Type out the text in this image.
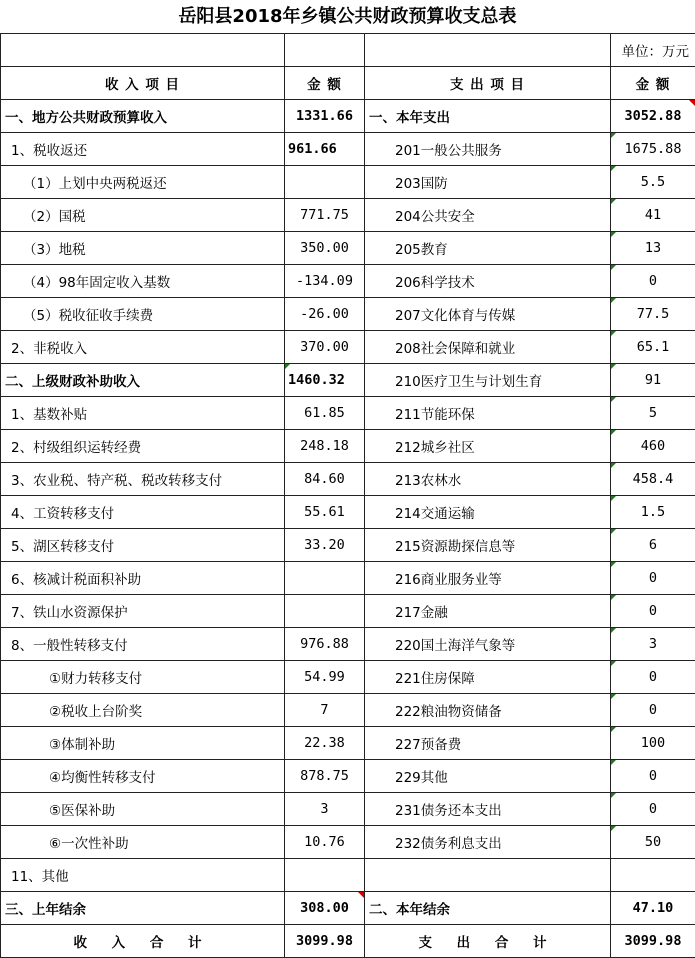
岳阳县2018年乡镇公共财政预算收支总表
			单位：万元
收 入 项 目	金 额	支 出 项 目	金 额
一、地方公共财政预算收入	1331.66	一、本年支出	3052.88
1、税收返还	961.66	201一般公共服务	1675.88
（1）上划中央两税返还		203国防	5.5
（2）国税	771.75	204公共安全	41
（3）地税	350.00	205教育	13
（4）98年固定收入基数	-134.09	206科学技术	0
（5）税收征收手续费	-26.00	207文化体育与传媒	77.5
2、非税收入	370.00	208社会保障和就业	65.1
二、上级财政补助收入	1460.32	210医疗卫生与计划生育	91
1、基数补贴	61.85	211节能环保	5
2、村级组织运转经费	248.18	212城乡社区	460
3、农业税、特产税、税改转移支付	84.60	213农林水	458.4
4、工资转移支付	55.61	214交通运输	1.5
5、湖区转移支付	33.20	215资源勘探信息等	6
6、核减计税面积补助		216商业服务业等	0
7、铁山水资源保护		217金融	0
8、一般性转移支付	976.88	220国土海洋气象等	3
①财力转移支付	54.99	221住房保障	0
②税收上台阶奖	7	222粮油物资储备	0
③体制补助	22.38	227预备费	100
④均衡性转移支付	878.75	229其他	0
⑤医保补助	3	231债务还本支出	0
⑥一次性补助	10.76	232债务利息支出	50
11、其他			
三、上年结余	308.00	二、本年结余	47.10
收 入 合 计	3099.98	支 出 合 计	3099.98
